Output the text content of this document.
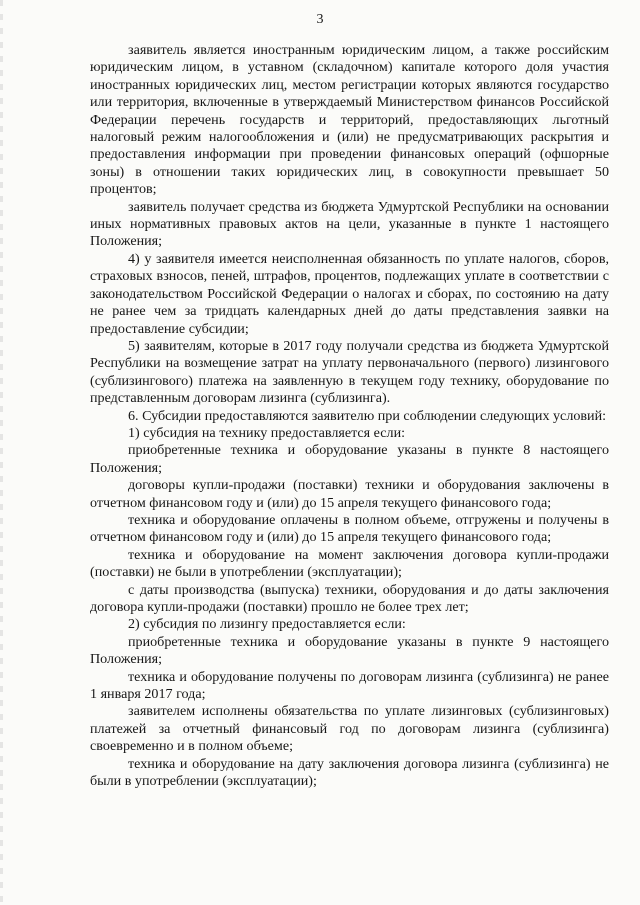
3

заявитель является иностранным юридическим лицом, а также российским юридическим лицом, в уставном (складочном) капитале которого доля участия иностранных юридических лиц, местом регистрации которых являются государство или территория, включенные в утверждаемый Министерством финансов Российской Федерации перечень государств и территорий, предоставляющих льготный налоговый режим налогообложения и (или) не предусматривающих раскрытия и предоставления информации при проведении финансовых операций (офшорные зоны) в отношении таких юридических лиц, в совокупности превышает 50 процентов;

заявитель получает средства из бюджета Удмуртской Республики на основании иных нормативных правовых актов на цели, указанные в пункте 1 настоящего Положения;

4) у заявителя имеется неисполненная обязанность по уплате налогов, сборов, страховых взносов, пеней, штрафов, процентов, подлежащих уплате в соответствии с законодательством Российской Федерации о налогах и сборах, по состоянию на дату не ранее чем за тридцать календарных дней до даты представления заявки на предоставление субсидии;

5) заявителям, которые в 2017 году получали средства из бюджета Удмуртской Республики на возмещение затрат на уплату первоначального (первого) лизингового (сублизингового) платежа на заявленную в текущем году технику, оборудование по представленным договорам лизинга (сублизинга).

6. Субсидии предоставляются заявителю при соблюдении следующих условий:

1) субсидия на технику предоставляется если:

приобретенные техника и оборудование указаны в пункте 8 настоящего Положения;

договоры купли-продажи (поставки) техники и оборудования заключены в отчетном финансовом году и (или) до 15 апреля текущего финансового года;

техника и оборудование оплачены в полном объеме, отгружены и получены в отчетном финансовом году и (или) до 15 апреля текущего финансового года;

техника и оборудование на момент заключения договора купли-продажи (поставки) не были в употреблении (эксплуатации);

с даты производства (выпуска) техники, оборудования и до даты заключения договора купли-продажи (поставки) прошло не более трех лет;

2) субсидия по лизингу предоставляется если:

приобретенные техника и оборудование указаны в пункте 9 настоящего Положения;

техника и оборудование получены по договорам лизинга (сублизинга) не ранее 1 января 2017 года;

заявителем исполнены обязательства по уплате лизинговых (сублизинговых) платежей за отчетный финансовый год по договорам лизинга (сублизинга) своевременно и в полном объеме;

техника и оборудование на дату заключения договора лизинга (сублизинга) не были в употреблении (эксплуатации);
